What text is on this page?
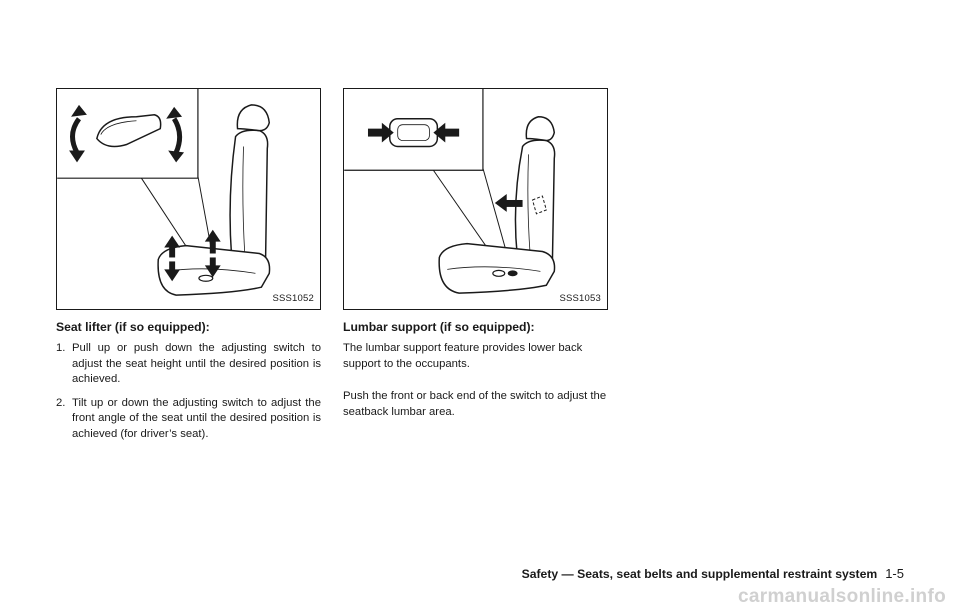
SSS1052	SSS1053
Seat lifter (if so equipped):
1. Pull up or push down the adjusting switch to adjust the seat height until the desired position is achieved.
2. Tilt up or down the adjusting switch to adjust the front angle of the seat until the desired position is achieved (for driver’s seat).
Lumbar support (if so equipped):

The lumbar support feature provides lower back support to the occupants.

Push the front or back end of the switch to adjust the seatback lumbar area.

Safety — Seats, seat belts and supplemental restraint system 1-5
carmanualsonline.info
